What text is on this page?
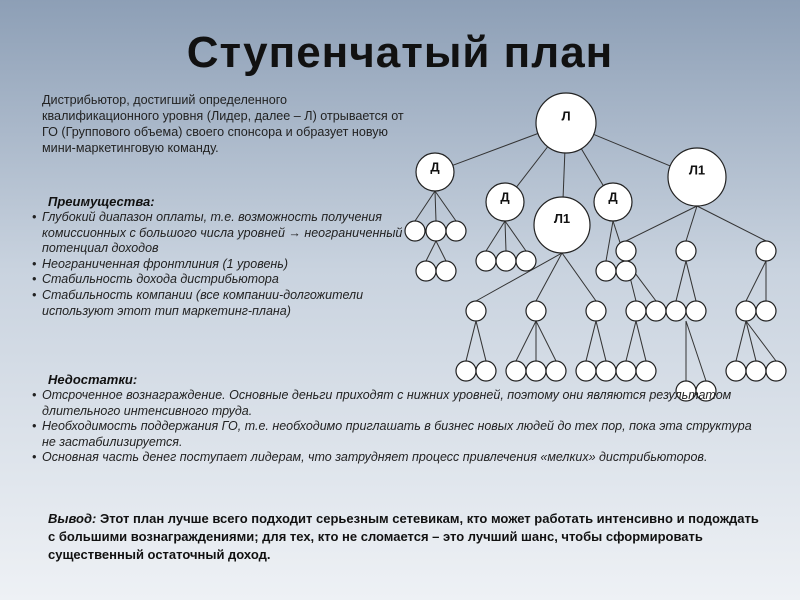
Ступенчатый план
Дистрибьютор, достигший определенного квалификационного уровня (Лидер, далее – Л) отрывается от ГО (Группового объема) своего спонсора и образует новую мини-маркетинговую команду.
Преимущества:
• Глубокий диапазон оплаты, т.е. возможность получения комиссионных с большого числа уровней → неограниченный потенциал доходов
• Неограниченная фронтлиния (1 уровень)
• Стабильность дохода дистрибьютора
• Стабильность компании (все компании-долгожители используют этот тип маркетинг-плана)
Л
Д
Д
Л1
Д
Л1
Недостатки:
• Отсроченное вознаграждение. Основные деньги приходят с нижних уровней, поэтому они являются результатом длительного интенсивного труда.
• Необходимость поддержания ГО, т.е. необходимо приглашать в бизнес новых людей до тех пор, пока эта структура не застабилизируется.
• Основная часть денег поступает лидерам, что затрудняет процесс привлечения «мелких» дистрибьюторов.
Вывод: Этот план лучше всего подходит серьезным сетевикам, кто может работать интенсивно и подождать с большими вознаграждениями; для тех, кто не сломается – это лучший шанс, чтобы сформировать существенный остаточный доход.
